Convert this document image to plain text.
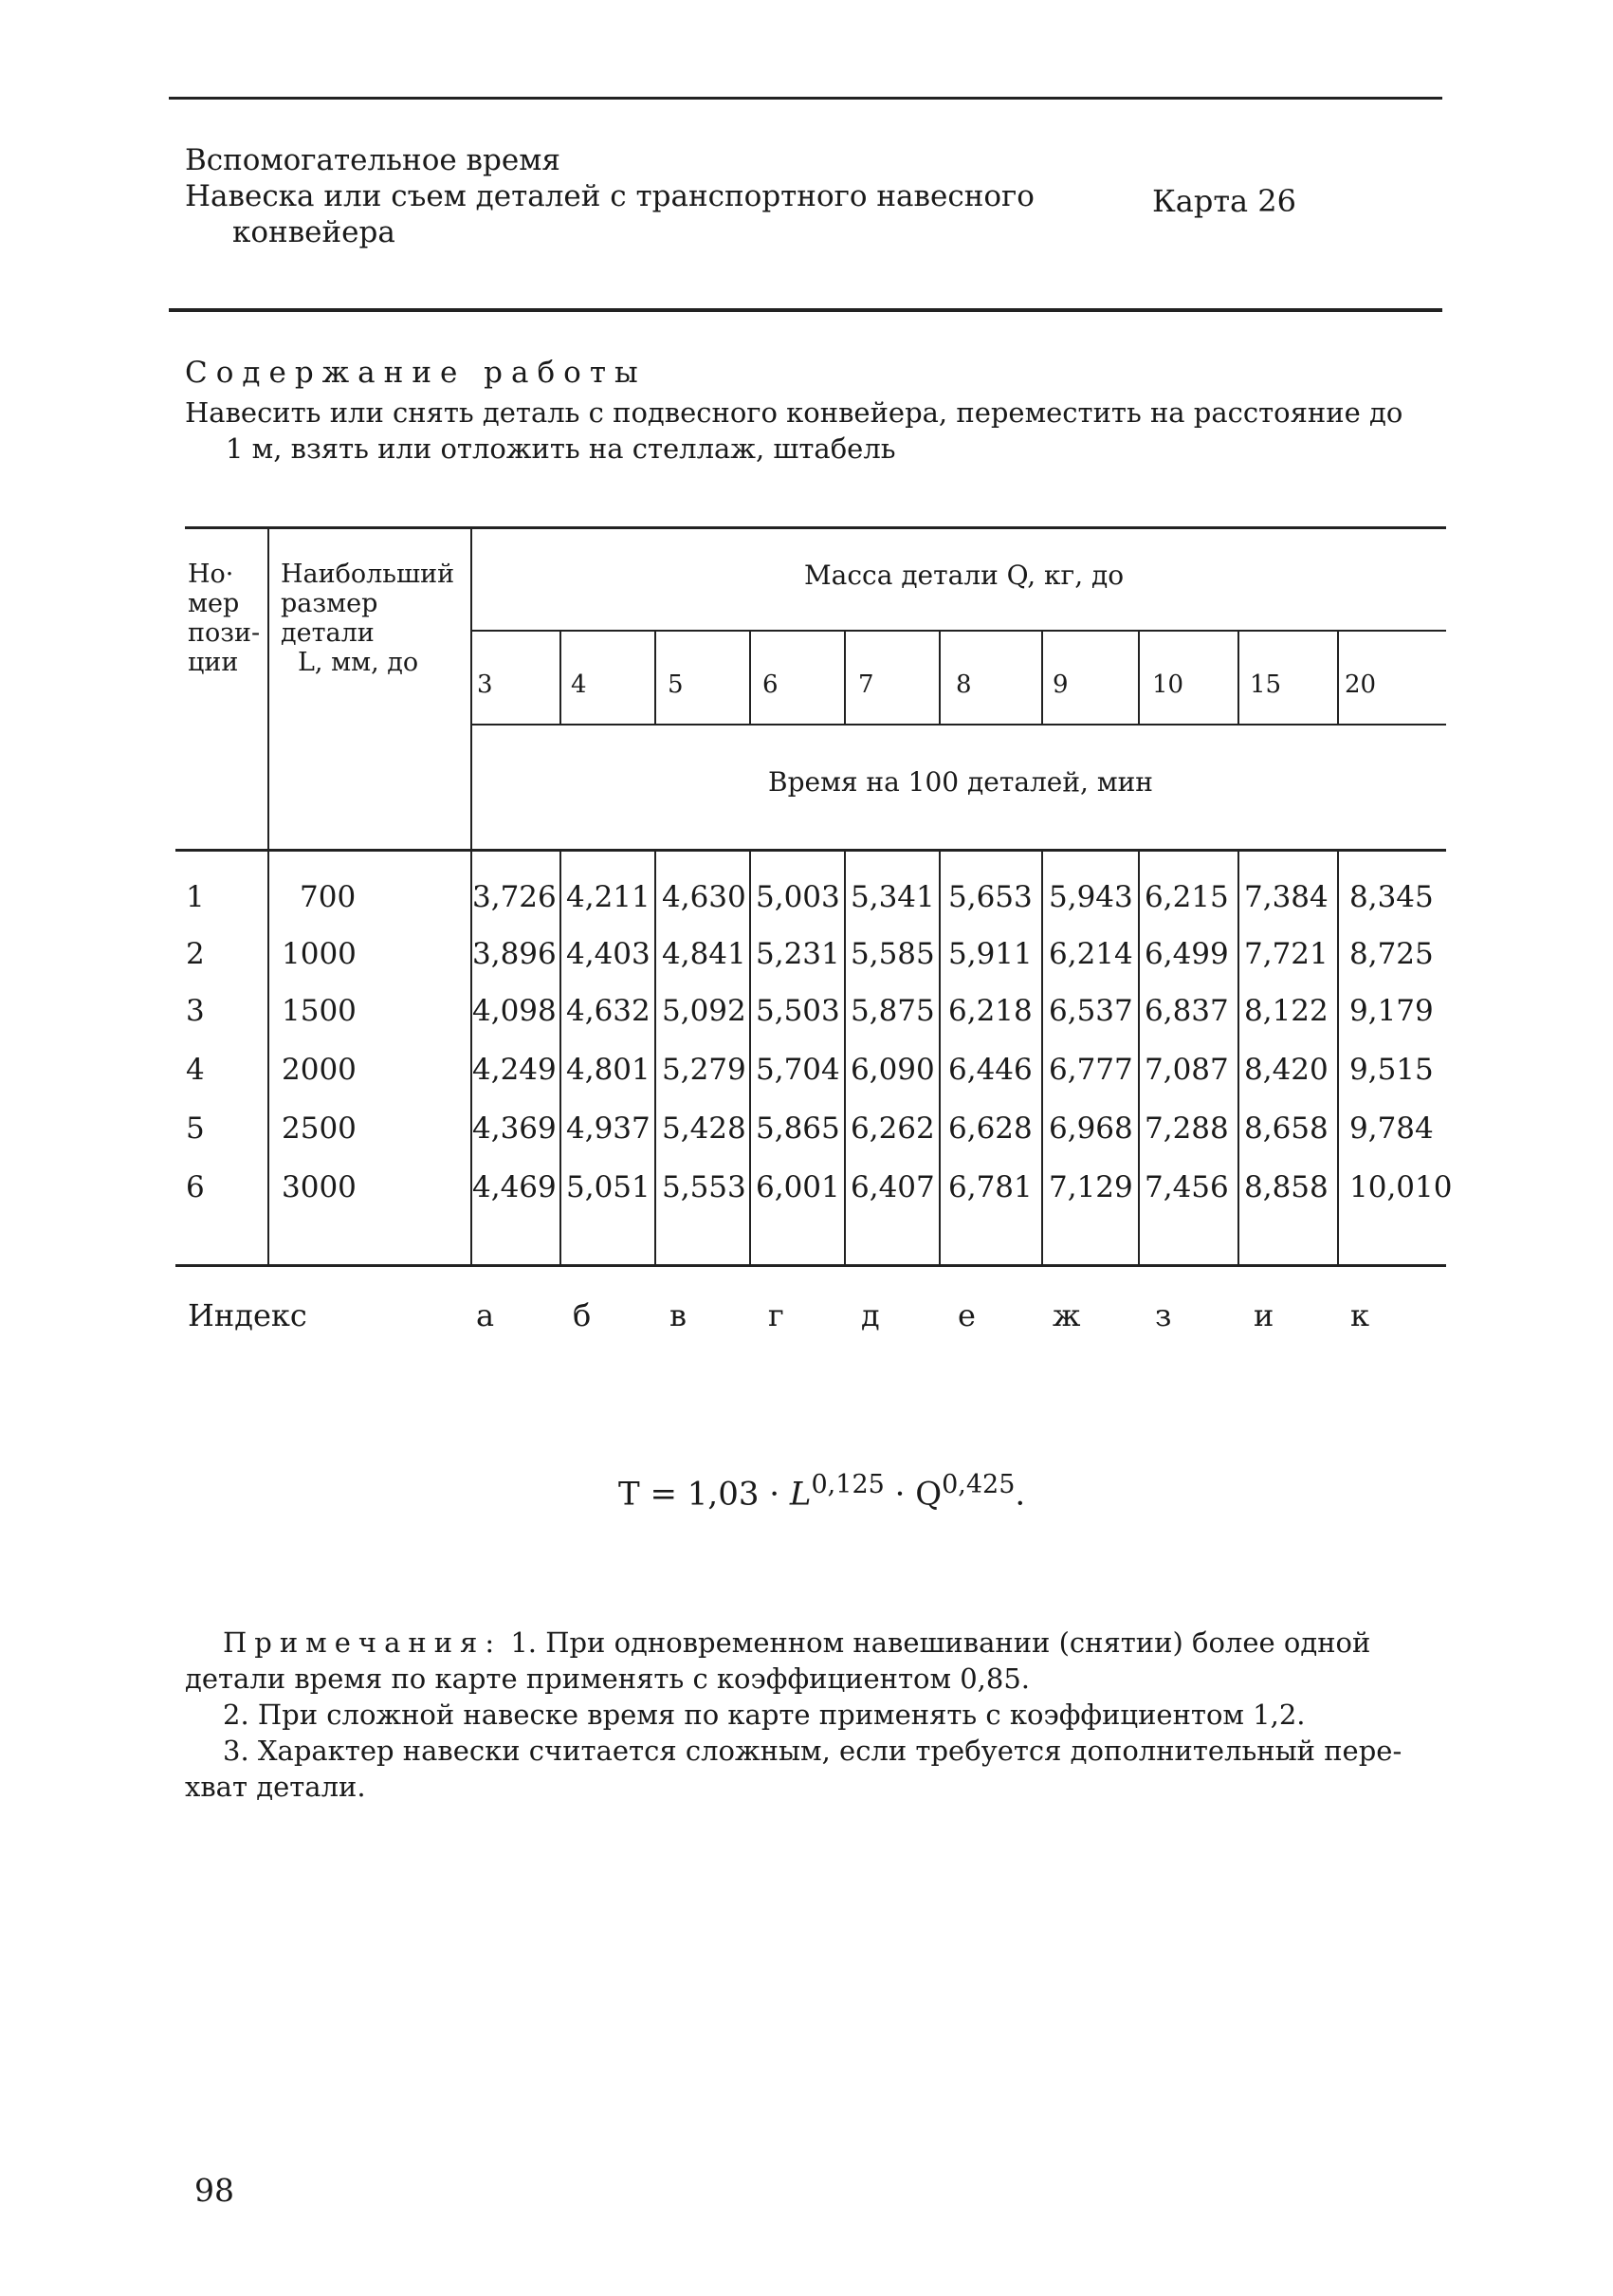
Вспомогательное время
Навеска или съем деталей с транспортного навесного
конвейера
Карта 26
Содержание работы
Навесить или снять деталь с подвесного конвейера, переместить на расстояние до
1 м, взять или отложить на стеллаж, штабель
Но·
мер
пози-
ции
Наибольший
размер
детали
L, мм, до
Масса детали Q, кг, до
3	4	5	6	7	8	9	10	15	20
Время на 100 деталей, мин
1	700	3,726 4,211 4,630 5,003 5,341 5,653 5,943 6,215 7,384 8,345
2	1000	3,896 4,403 4,841 5,231 5,585 5,911 6,214 6,499 7,721 8,725
3	1500	4,098 4,632 5,092 5,503 5,875 6,218 6,537 6,837 8,122 9,179
4	2000	4,249 4,801 5,279 5,704 6,090 6,446 6,777 7,087 8,420 9,515
5	2500	4,369 4,937 5,428 5,865 6,262 6,628 6,968 7,288 8,658 9,784
6	3000	4,469 5,051 5,553 6,001 6,407 6,781 7,129 7,456 8,858 10,010
Индекс	а	б	в	г	д	е	ж з	и	к
T = 1,03 · L$^{0,125}$ · Q$^{0,425}$.
Примечания: 1. При одновременном навешивании (снятии) более одной
детали время по карте применять с коэффициентом 0,85.
2. При сложной навеске время по карте применять с коэффициентом 1,2.
3. Характер навески считается сложным, если требуется дополнительный пере-
хват детали.
98
